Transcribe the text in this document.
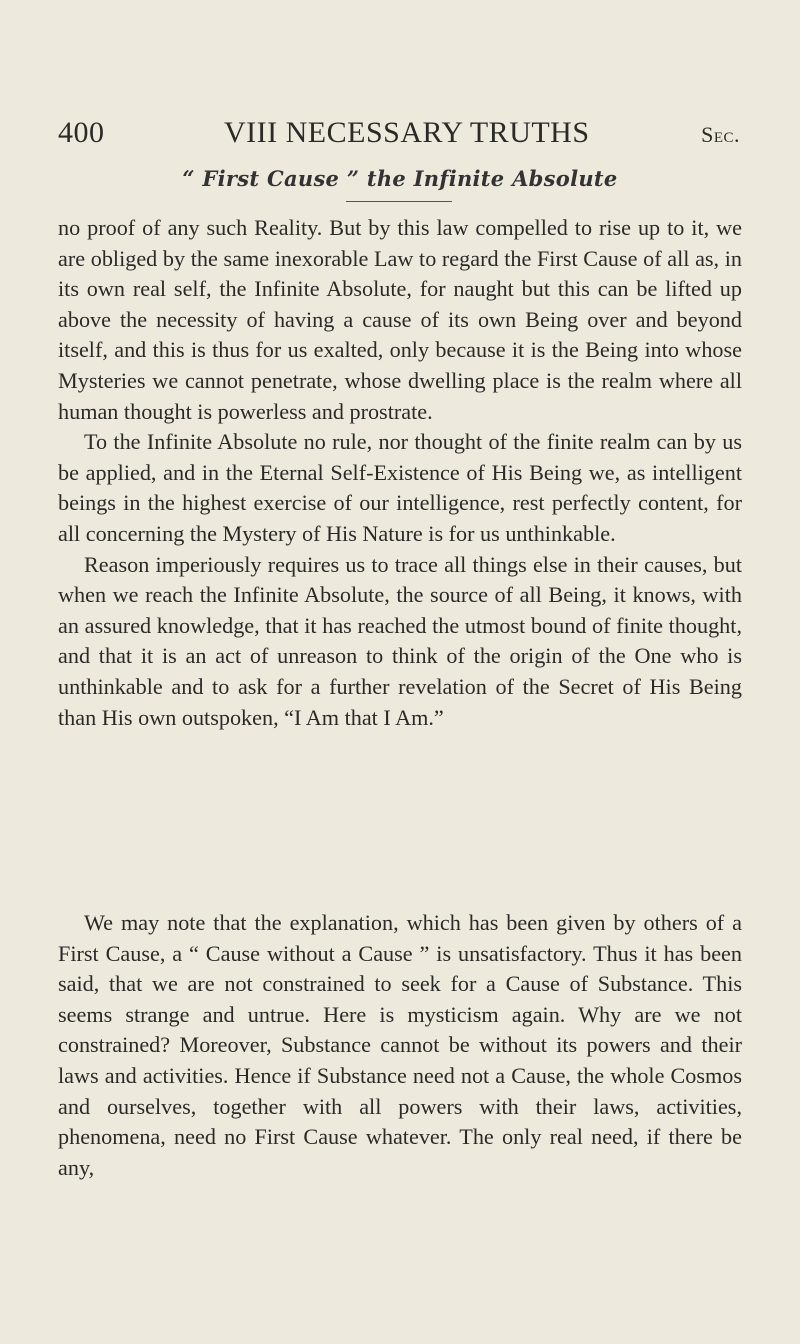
400	VIII NECESSARY TRUTHS	Sec.
“ First Cause ” the Infinite Absolute

no proof of any such Reality. But by this law compelled to rise up to it, we are obliged by the same inexorable Law to regard the First Cause of all as, in its own real self, the Infinite Absolute, for naught but this can be lifted up above the necessity of having a cause of its own Being over and beyond itself, and this is thus for us exalted, only because it is the Being into whose Mysteries we cannot penetrate, whose dwelling place is the realm where all human thought is powerless and prostrate.

To the Infinite Absolute no rule, nor thought of the finite realm can by us be applied, and in the Eternal Self-Existence of His Being we, as intelligent beings in the highest exercise of our intelligence, rest perfectly content, for all concerning the Mystery of His Nature is for us unthinkable.

Reason imperiously requires us to trace all things else in their causes, but when we reach the Infinite Absolute, the source of all Being, it knows, with an assured knowledge, that it has reached the utmost bound of finite thought, and that it is an act of unreason to think of the origin of the One who is unthinkable and to ask for a further revelation of the Secret of His Being than His own outspoken, “I Am that I Am.”

We may note that the explanation, which has been given by others of a First Cause, a “ Cause without a Cause ” is unsatisfactory. Thus it has been said, that we are not constrained to seek for a Cause of Substance. This seems strange and untrue. Here is mysticism again. Why are we not constrained? Moreover, Substance cannot be without its powers and their laws and activities. Hence if Substance need not a Cause, the whole Cosmos and ourselves, together with all powers with their laws, activities, phenomena, need no First Cause whatever. The only real need, if there be any,
